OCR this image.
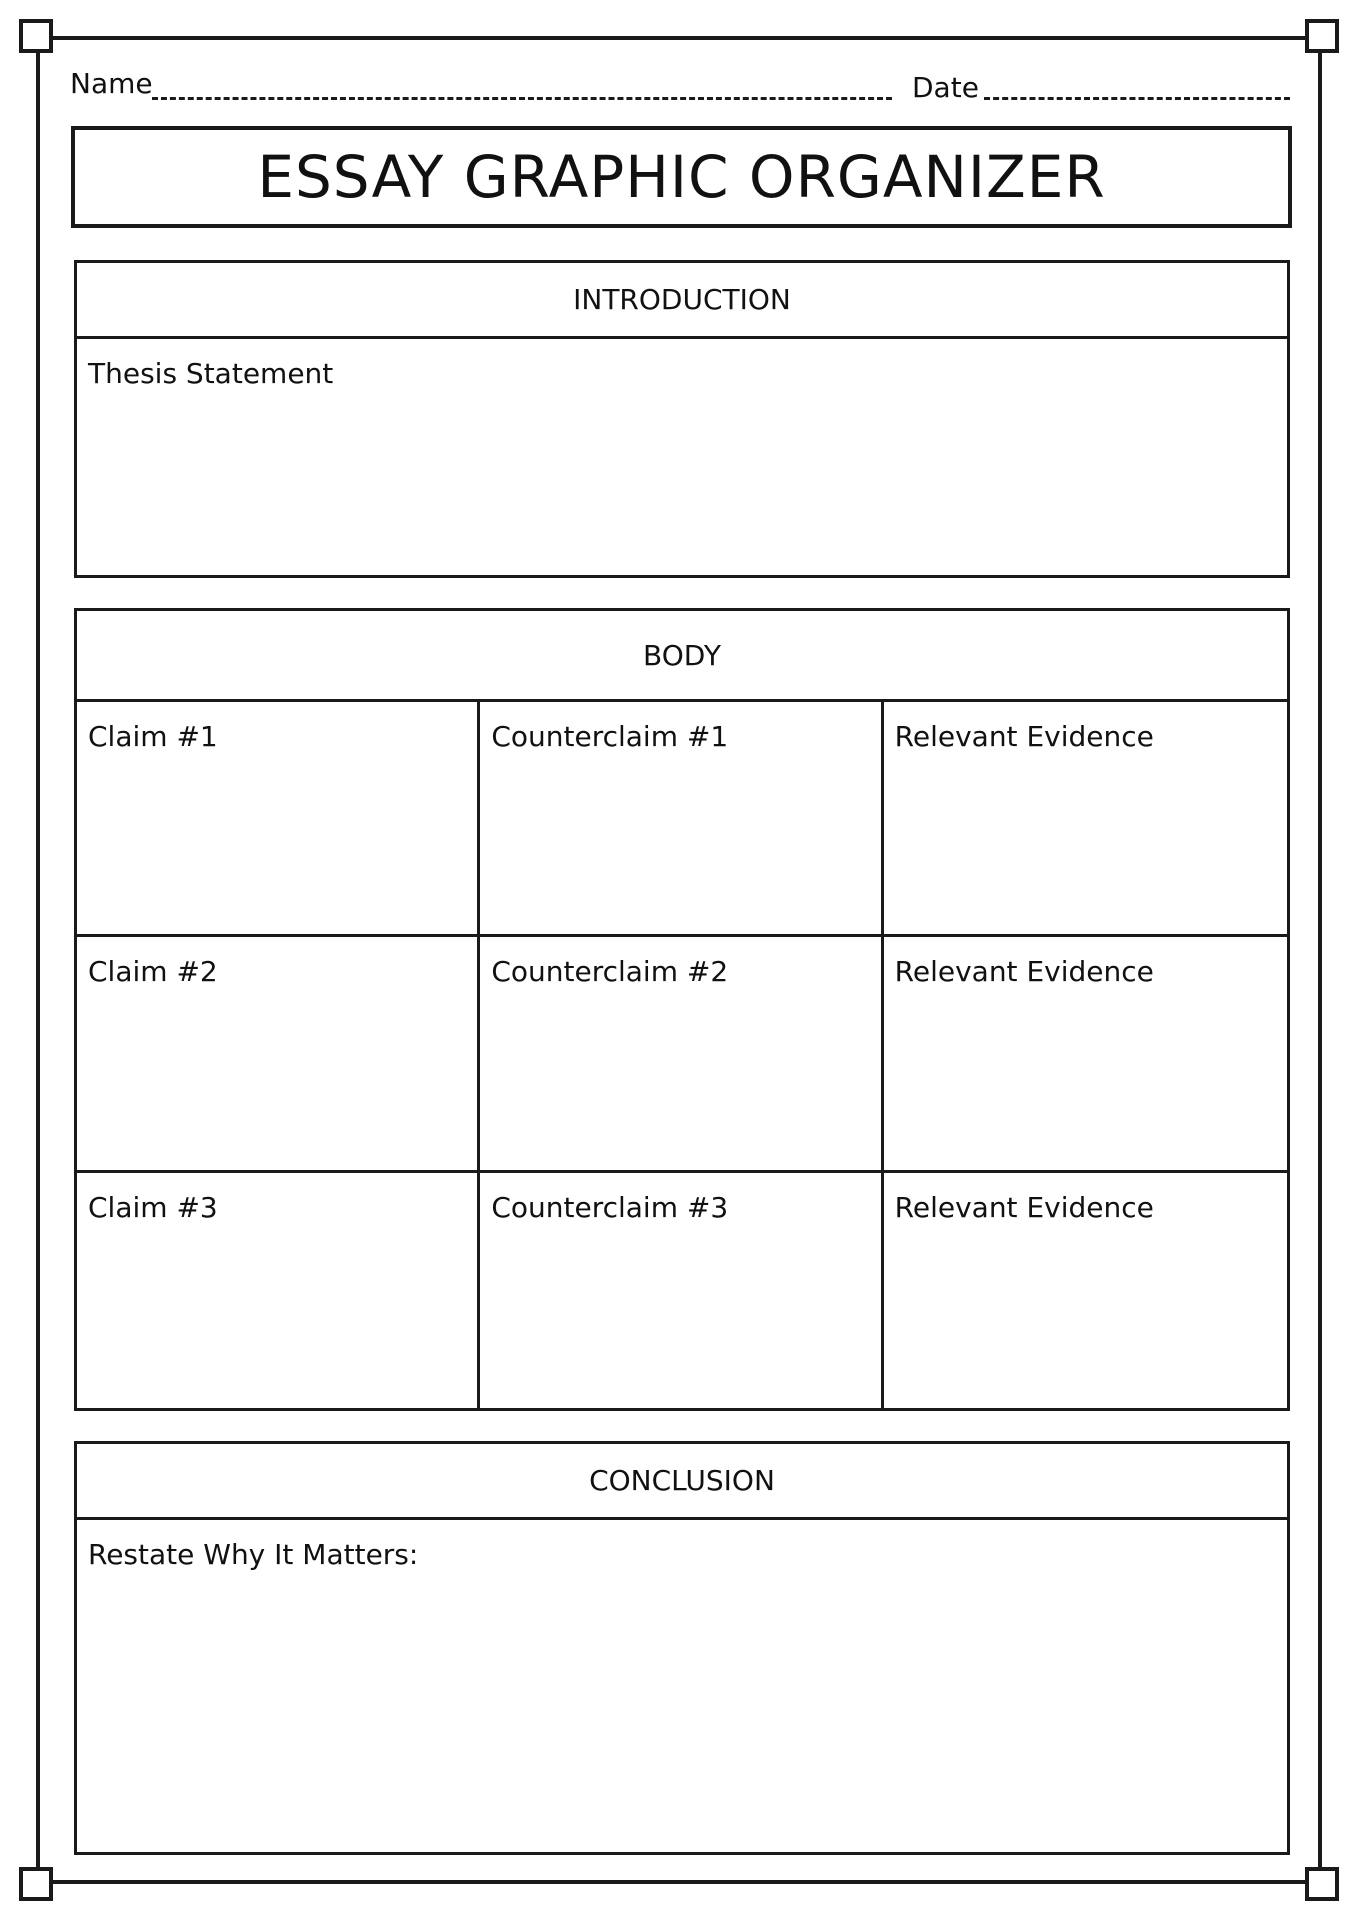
Name	Date
ESSAY GRAPHIC ORGANIZER
INTRODUCTION
Thesis Statement
BODY
Claim #1	Counterclaim #1	Relevant Evidence
Claim #2	Counterclaim #2	Relevant Evidence
Claim #3	Counterclaim #3	Relevant Evidence
CONCLUSION
Restate Why It Matters:
